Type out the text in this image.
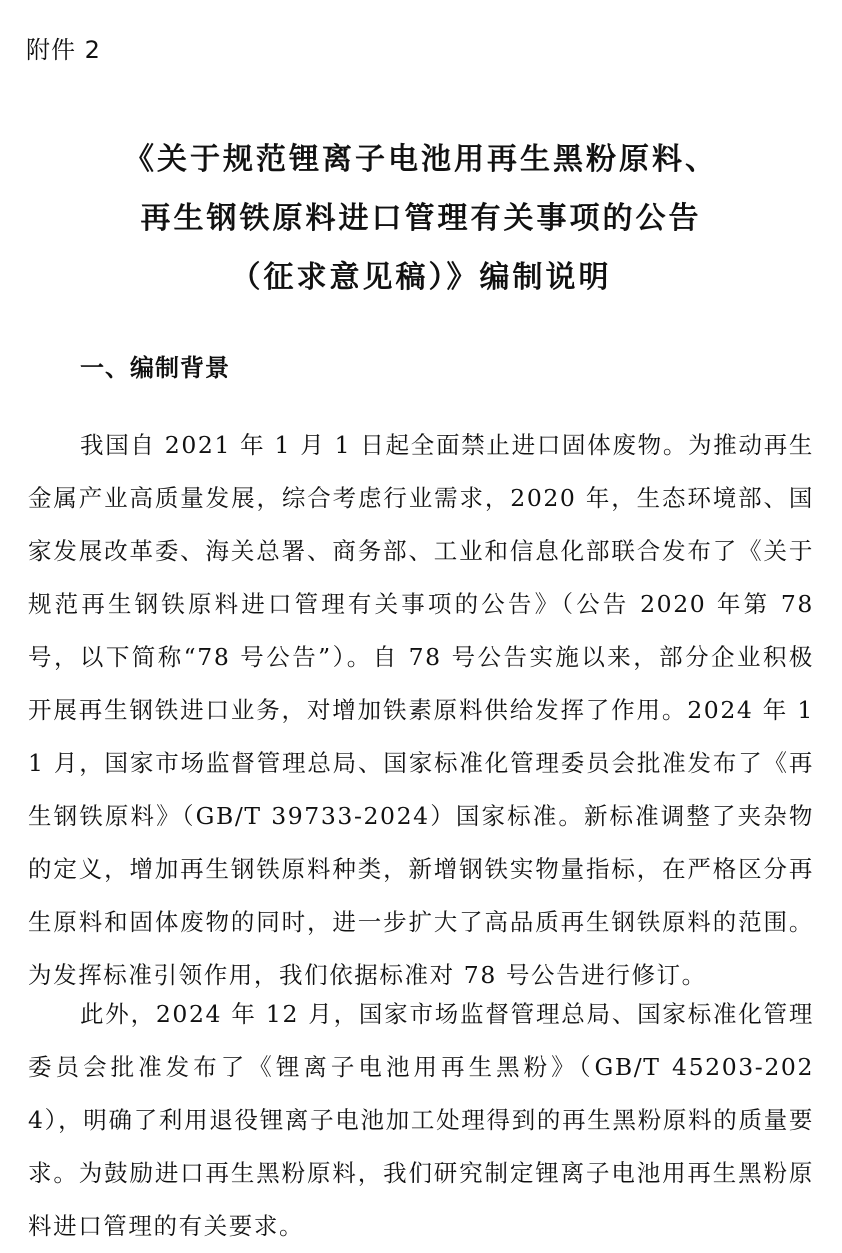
附件 2
《关于规范锂离子电池用再生黑粉原料、
再生钢铁原料进口管理有关事项的公告
（征求意见稿）》编制说明
一、编制背景

我国自 2021 年 1 月 1 日起全面禁止进口固体废物。为推动再生金属产业高质量发展，综合考虑行业需求，2020 年，生态环境部、国家发展改革委、海关总署、商务部、工业和信息化部联合发布了《关于规范再生钢铁原料进口管理有关事项的公告》（公告 2020 年第 78 号，以下简称“78 号公告”）。自 78 号公告实施以来，部分企业积极开展再生钢铁进口业务，对增加铁素原料供给发挥了作用。2024 年 11 月，国家市场监督管理总局、国家标准化管理委员会批准发布了《再生钢铁原料》（GB/T 39733-2024）国家标准。新标准调整了夹杂物的定义，增加再生钢铁原料种类，新增钢铁实物量指标，在严格区分再生原料和固体废物的同时，进一步扩大了高品质再生钢铁原料的范围。为发挥标准引领作用，我们依据标准对 78 号公告进行修订。

此外，2024 年 12 月，国家市场监督管理总局、国家标准化管理委员会批准发布了《锂离子电池用再生黑粉》（GB/T 45203-2024），明确了利用退役锂离子电池加工处理得到的再生黑粉原料的质量要求。为鼓励进口再生黑粉原料，我们研究制定锂离子电池用再生黑粉原料进口管理的有关要求。
